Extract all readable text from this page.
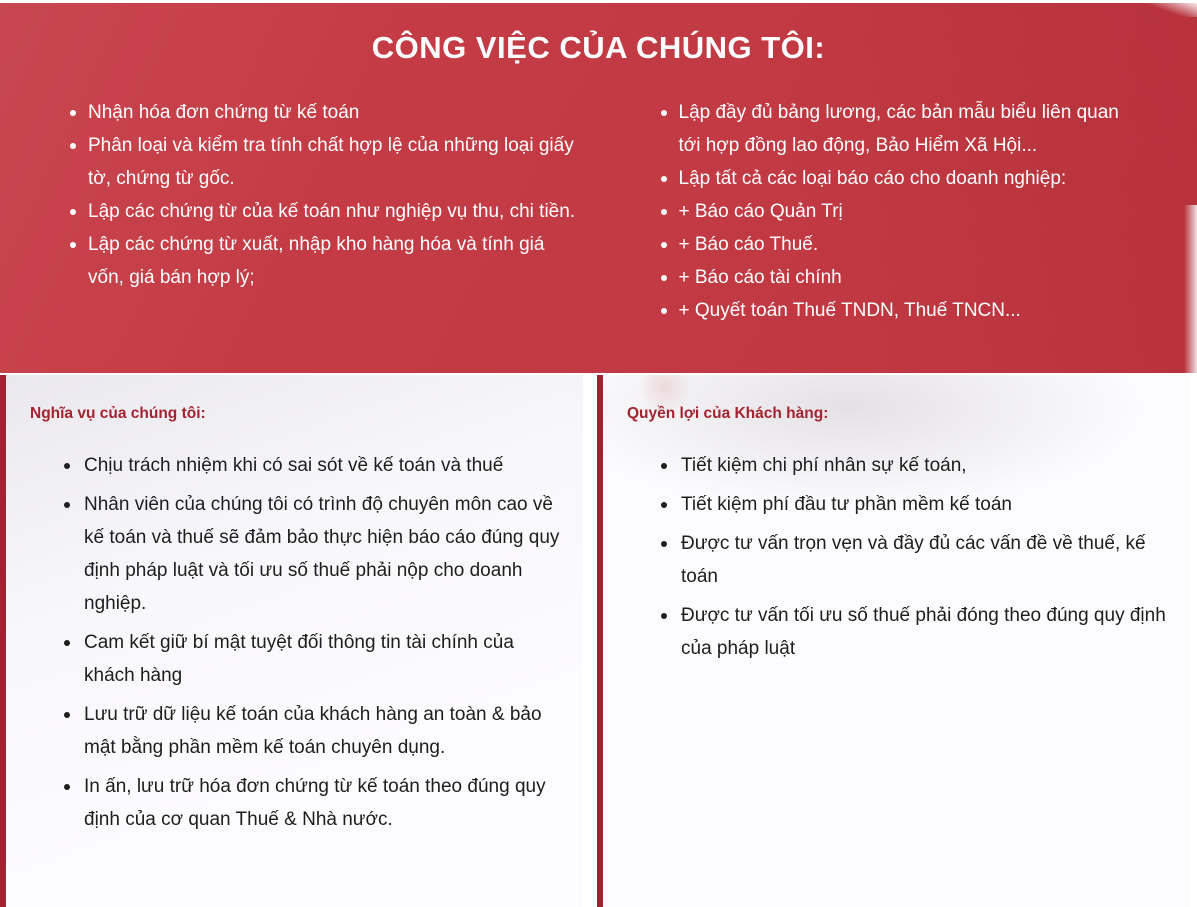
CÔNG VIỆC CỦA CHÚNG TÔI:
Nhận hóa đơn chứng từ kế toán
Phân loại và kiểm tra tính chất hợp lệ của những loại giấy tờ, chứng từ gốc.
Lập các chứng từ của kế toán như nghiệp vụ thu, chi tiền.
Lập các chứng từ xuất, nhập kho hàng hóa và tính giá vốn, giá bán hợp lý;
Lập đầy đủ bảng lương, các bản mẫu biểu liên quan tới hợp đồng lao động, Bảo Hiểm Xã Hội...
Lập tất cả các loại báo cáo cho doanh nghiệp:
+ Báo cáo Quản Trị
+ Báo cáo Thuế.
+ Báo cáo tài chính
+ Quyết toán Thuế TNDN, Thuế TNCN...
Nghĩa vụ của chúng tôi:
Chịu trách nhiệm khi có sai sót về kế toán và thuế
Nhân viên của chúng tôi có trình độ chuyên môn cao về kế toán và thuế sẽ đảm bảo thực hiện báo cáo đúng quy định pháp luật và tối ưu số thuế phải nộp cho doanh nghiệp.
Cam kết giữ bí mật tuyệt đối thông tin tài chính của khách hàng
Lưu trữ dữ liệu kế toán của khách hàng an toàn & bảo mật bằng phần mềm kế toán chuyên dụng.
In ấn, lưu trữ hóa đơn chứng từ kế toán theo đúng quy định của cơ quan Thuế & Nhà nước.
Quyền lợi của Khách hàng:
Tiết kiệm chi phí nhân sự kế toán,
Tiết kiệm phí đầu tư phần mềm kế toán
Được tư vấn trọn vẹn và đầy đủ các vấn đề về thuế, kế toán
Được tư vấn tối ưu số thuế phải đóng theo đúng quy định của pháp luật
